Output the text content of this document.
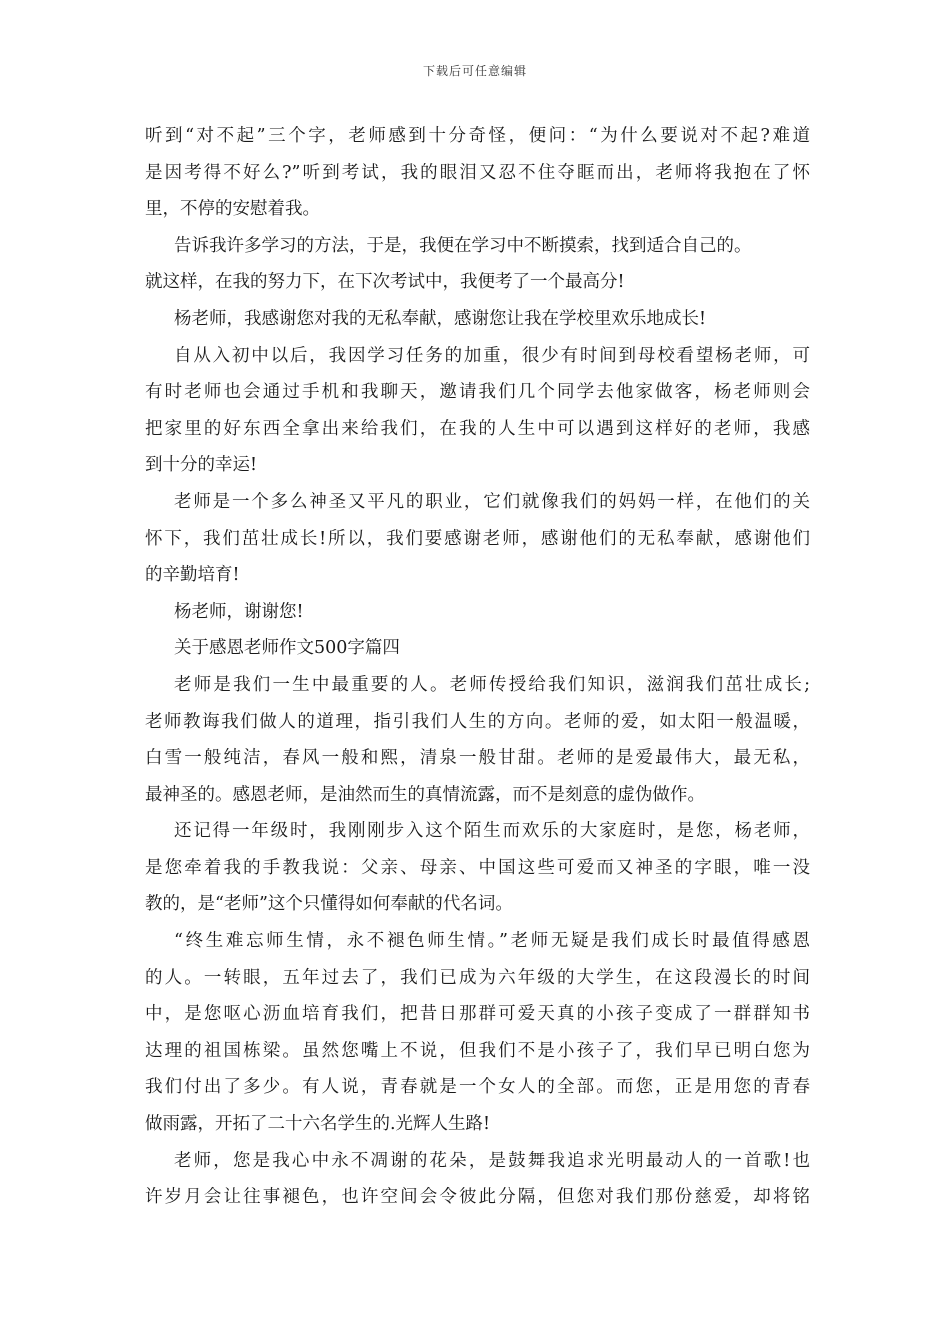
下载后可任意编辑
听到“对不起”三个字，老师感到十分奇怪，便问：“为什么要说对不起?难道
是因考得不好么?”听到考试，我的眼泪又忍不住夺眶而出，老师将我抱在了怀
里，不停的安慰着我。
告诉我许多学习的方法，于是，我便在学习中不断摸索，找到适合自己的。
就这样，在我的努力下，在下次考试中，我便考了一个最高分!
杨老师，我感谢您对我的无私奉献，感谢您让我在学校里欢乐地成长!
自从入初中以后，我因学习任务的加重，很少有时间到母校看望杨老师，可
有时老师也会通过手机和我聊天，邀请我们几个同学去他家做客，杨老师则会
把家里的好东西全拿出来给我们，在我的人生中可以遇到这样好的老师，我感
到十分的幸运!
老师是一个多么神圣又平凡的职业，它们就像我们的妈妈一样，在他们的关
怀下，我们茁壮成长!所以，我们要感谢老师，感谢他们的无私奉献，感谢他们
的辛勤培育!
杨老师，谢谢您!
关于感恩老师作文500字篇四
老师是我们一生中最重要的人。老师传授给我们知识，滋润我们茁壮成长;
老师教诲我们做人的道理，指引我们人生的方向。老师的爱，如太阳一般温暖，
白雪一般纯洁，春风一般和熙，清泉一般甘甜。老师的是爱最伟大，最无私，
最神圣的。感恩老师，是油然而生的真情流露，而不是刻意的虚伪做作。
还记得一年级时，我刚刚步入这个陌生而欢乐的大家庭时，是您，杨老师，
是您牵着我的手教我说：父亲、母亲、中国这些可爱而又神圣的字眼，唯一没
教的，是“老师”这个只懂得如何奉献的代名词。
“终生难忘师生情，永不褪色师生情。”老师无疑是我们成长时最值得感恩
的人。一转眼，五年过去了，我们已成为六年级的大学生，在这段漫长的时间
中，是您呕心沥血培育我们，把昔日那群可爱天真的小孩子变成了一群群知书
达理的祖国栋梁。虽然您嘴上不说，但我们不是小孩子了，我们早已明白您为
我们付出了多少。有人说，青春就是一个女人的全部。而您，正是用您的青春
做雨露，开拓了二十六名学生的.光辉人生路!
老师，您是我心中永不凋谢的花朵，是鼓舞我追求光明最动人的一首歌!也
许岁月会让往事褪色，也许空间会令彼此分隔，但您对我们那份慈爱，却将铭
